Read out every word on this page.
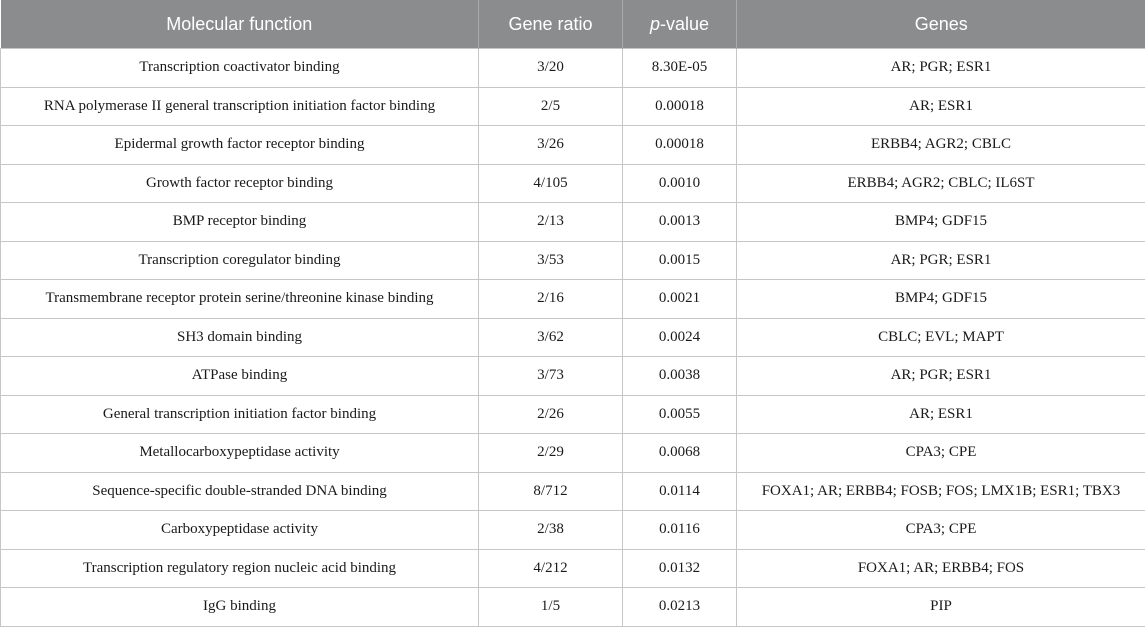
Molecular function	Gene ratio	p-value	Genes
Transcription coactivator binding	3/20	8.30E-05	AR; PGR; ESR1
RNA polymerase II general transcription initiation factor binding	2/5	0.00018	AR; ESR1
Epidermal growth factor receptor binding	3/26	0.00018	ERBB4; AGR2; CBLC
Growth factor receptor binding	4/105	0.0010	ERBB4; AGR2; CBLC; IL6ST
BMP receptor binding	2/13	0.0013	BMP4; GDF15
Transcription coregulator binding	3/53	0.0015	AR; PGR; ESR1
Transmembrane receptor protein serine/threonine kinase binding	2/16	0.0021	BMP4; GDF15
SH3 domain binding	3/62	0.0024	CBLC; EVL; MAPT
ATPase binding	3/73	0.0038	AR; PGR; ESR1
General transcription initiation factor binding	2/26	0.0055	AR; ESR1
Metallocarboxypeptidase activity	2/29	0.0068	CPA3; CPE
Sequence-specific double-stranded DNA binding	8/712	0.0114	FOXA1; AR; ERBB4; FOSB; FOS; LMX1B; ESR1; TBX3
Carboxypeptidase activity	2/38	0.0116	CPA3; CPE
Transcription regulatory region nucleic acid binding	4/212	0.0132	FOXA1; AR; ERBB4; FOS
IgG binding	1/5	0.0213	PIP
